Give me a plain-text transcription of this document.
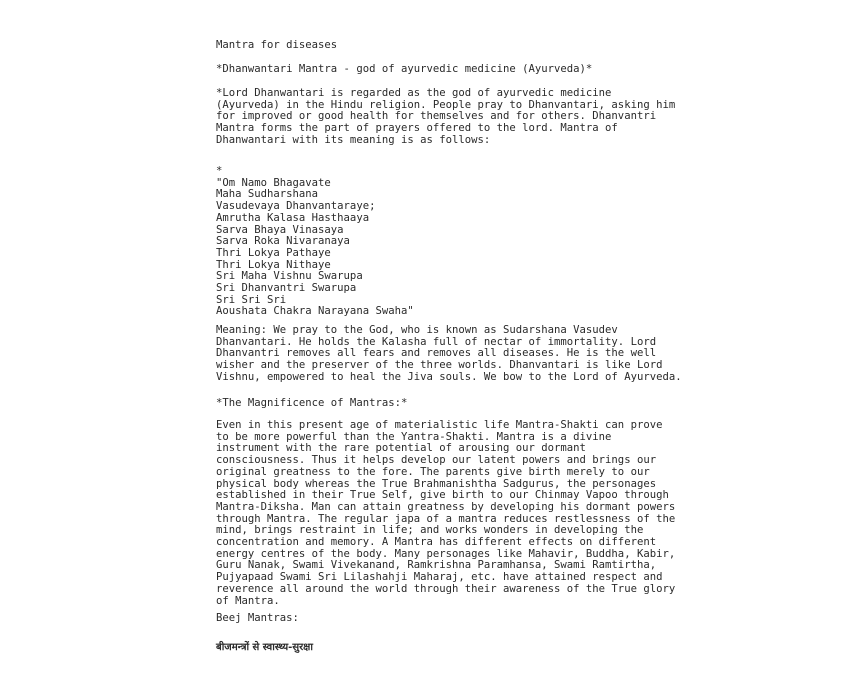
Mantra for diseases

*Dhanwantari Mantra - god of ayurvedic medicine (Ayurveda)*

*Lord Dhanwantari is regarded as the god of ayurvedic medicine
(Ayurveda) in the Hindu religion. People pray to Dhanvantari, asking him
for improved or good health for themselves and for others. Dhanvantri
Mantra forms the part of prayers offered to the lord. Mantra of
Dhanwantari with its meaning is as follows:

*
"Om Namo Bhagavate
Maha Sudharshana
Vasudevaya Dhanvantaraye;
Amrutha Kalasa Hasthaaya
Sarva Bhaya Vinasaya
Sarva Roka Nivaranaya
Thri Lokya Pathaye
Thri Lokya Nithaye
Sri Maha Vishnu Swarupa
Sri Dhanvantri Swarupa
Sri Sri Sri
Aoushata Chakra Narayana Swaha"

Meaning: We pray to the God, who is known as Sudarshana Vasudev
Dhanvantari. He holds the Kalasha full of nectar of immortality. Lord
Dhanvantri removes all fears and removes all diseases. He is the well
wisher and the preserver of the three worlds. Dhanvantari is like Lord
Vishnu, empowered to heal the Jiva souls. We bow to the Lord of Ayurveda.

*The Magnificence of Mantras:*

Even in this present age of materialistic life Mantra-Shakti can prove
to be more powerful than the Yantra-Shakti. Mantra is a divine
instrument with the rare potential of arousing our dormant
consciousness. Thus it helps develop our latent powers and brings our
original greatness to the fore. The parents give birth merely to our
physical body whereas the True Brahmanishtha Sadgurus, the personages
established in their True Self, give birth to our Chinmay Vapoo through
Mantra-Diksha. Man can attain greatness by developing his dormant powers
through Mantra. The regular japa of a mantra reduces restlessness of the
mind, brings restraint in life; and works wonders in developing the
concentration and memory. A Mantra has different effects on different
energy centres of the body. Many personages like Mahavir, Buddha, Kabir,
Guru Nanak, Swami Vivekanand, Ramkrishna Paramhansa, Swami Ramtirtha,
Pujyapaad Swami Sri Lilashahji Maharaj, etc. have attained respect and
reverence all around the world through their awareness of the True glory
of Mantra.

Beej Mantras:

बीजमन्त्रों से स्वास्थ्य-सुरक्षा
